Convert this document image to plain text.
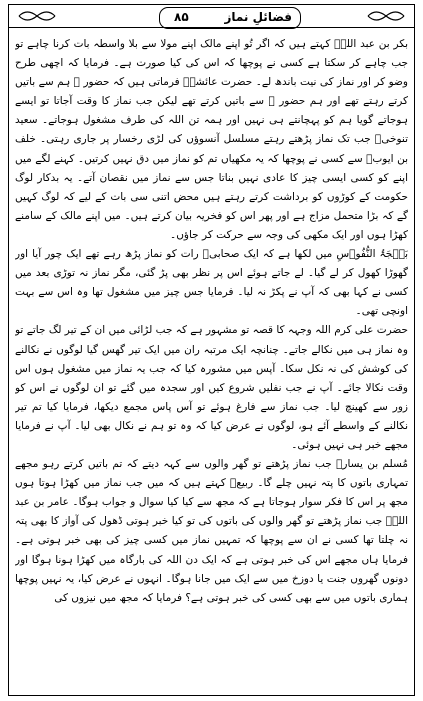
فضائلِ نماز
۸۵

بکر بن عبد اللہؒ کہتے ہیں کہ اگر تُو اپنے مالک اپنے مولا سے بلا واسطہ بات کرنا چاہے تو جب چاہے کر سکتا ہے کسی نے پوچھا کہ اس کی کیا صورت ہے۔ فرمایا کہ اچھی طرح وضو کر اور نماز کی نیت باندھ لے۔ حضرت عائشہؓ فرماتی ہیں کہ حضور ﷺ ہم سے باتیں کرتے رہتے تھے اور ہم حضور ﷺ سے باتیں کرتے تھے لیکن جب نماز کا وقت آجاتا تو ایسے ہوجاتے گویا ہم کو پہچانتے ہی نہیں اور ہمہ تن اللہ کی طرف مشغول ہوجاتے۔ سعید تنوخیؒ جب تک نماز پڑھتے رہتے مسلسل آنسوؤں کی لڑی رخسار پر جاری رہتی۔ خلف بن ایوبؒ سے کسی نے پوچھا کہ یہ مکھیاں تم کو نماز میں دق نہیں کرتیں۔ کہنے لگے میں اپنے کو کسی ایسی چیز کا عادی نہیں بناتا جس سے نماز میں نقصان آتے۔ یہ بدکار لوگ حکومت کے کوڑوں کو برداشت کرتے رہتے ہیں محض اتنی سی بات کے لیے کہ لوگ کہیں گے کہ بڑا متحمل مزاج ہے اور پھر اس کو فخریہ بیان کرتے ہیں۔ میں اپنے مالک کے سامنے کھڑا ہوں اور ایک مکھی کی وجہ سے حرکت کر جاؤں۔

بَہۡجَۃُ النُّفُوۡسِ میں لکھا ہے کہ ایک صحابیؓ رات کو نماز پڑھ رہے تھے ایک چور آیا اور گھوڑا کھول کر لے گیا۔ لے جاتے ہوئے اس پر نظر بھی پڑ گئی، مگر نماز نہ توڑی بعد میں کسی نے کہا بھی کہ آپ نے پکڑ نہ لیا۔ فرمایا جس چیز میں مشغول تھا وہ اس سے بہت اونچی تھی۔

حضرت علی کرم اللہ وجہہ کا قصہ تو مشہور ہے کہ جب لڑائی میں ان کے تیر لگ جاتے تو وہ نماز ہی میں نکالے جاتے۔ چنانچہ ایک مرتبہ ران میں ایک تیر گھس گیا لوگوں نے نکالنے کی کوشش کی نہ نکل سکا۔ آپس میں مشورہ کیا کہ جب یہ نماز میں مشغول ہوں اس وقت نکالا جائے۔ آپ نے جب نفلیں شروع کیں اور سجدہ میں گئے تو ان لوگوں نے اس کو زور سے کھینچ لیا۔ جب نماز سے فارغ ہوئے تو آس پاس مجمع دیکھا، فرمایا کیا تم تیر نکالنے کے واسطے آئے ہو، لوگوں نے عرض کیا کہ وہ تو ہم نے نکال بھی لیا۔ آپ نے فرمایا مجھے خبر ہی نہیں ہوئی۔

مُسلم بن یسارؒ جب نماز پڑھتے تو گھر والوں سے کہہ دیتے کہ تم باتیں کرتے رہو مجھے تمہاری باتوں کا پتہ نہیں چلے گا۔ ربیعؒ کہتے ہیں کہ میں جب نماز میں کھڑا ہوتا ہوں مجھ پر اس کا فکر سوار ہوجاتا ہے کہ مجھ سے کیا کیا سوال و جواب ہوگا۔ عامر بن عبد اللہؒ جب نماز پڑھتے تو گھر والوں کی باتوں کی تو کیا خبر ہوتی ڈھول کی آواز کا بھی پتہ نہ چلتا تھا کسی نے ان سے پوچھا کہ تمہیں نماز میں کسی چیز کی بھی خبر ہوتی ہے۔ فرمایا ہاں مجھے اس کی خبر ہوتی ہے کہ ایک دن اللہ کی بارگاہ میں کھڑا ہونا ہوگا اور دونوں گھروں جنت یا دوزخ میں سے ایک میں جانا ہوگا۔ انہوں نے عرض کیا، یہ نہیں پوچھا ہماری باتوں میں سے بھی کسی کی خبر ہوتی ہے؟ فرمایا کہ مجھ میں نیزوں کی
